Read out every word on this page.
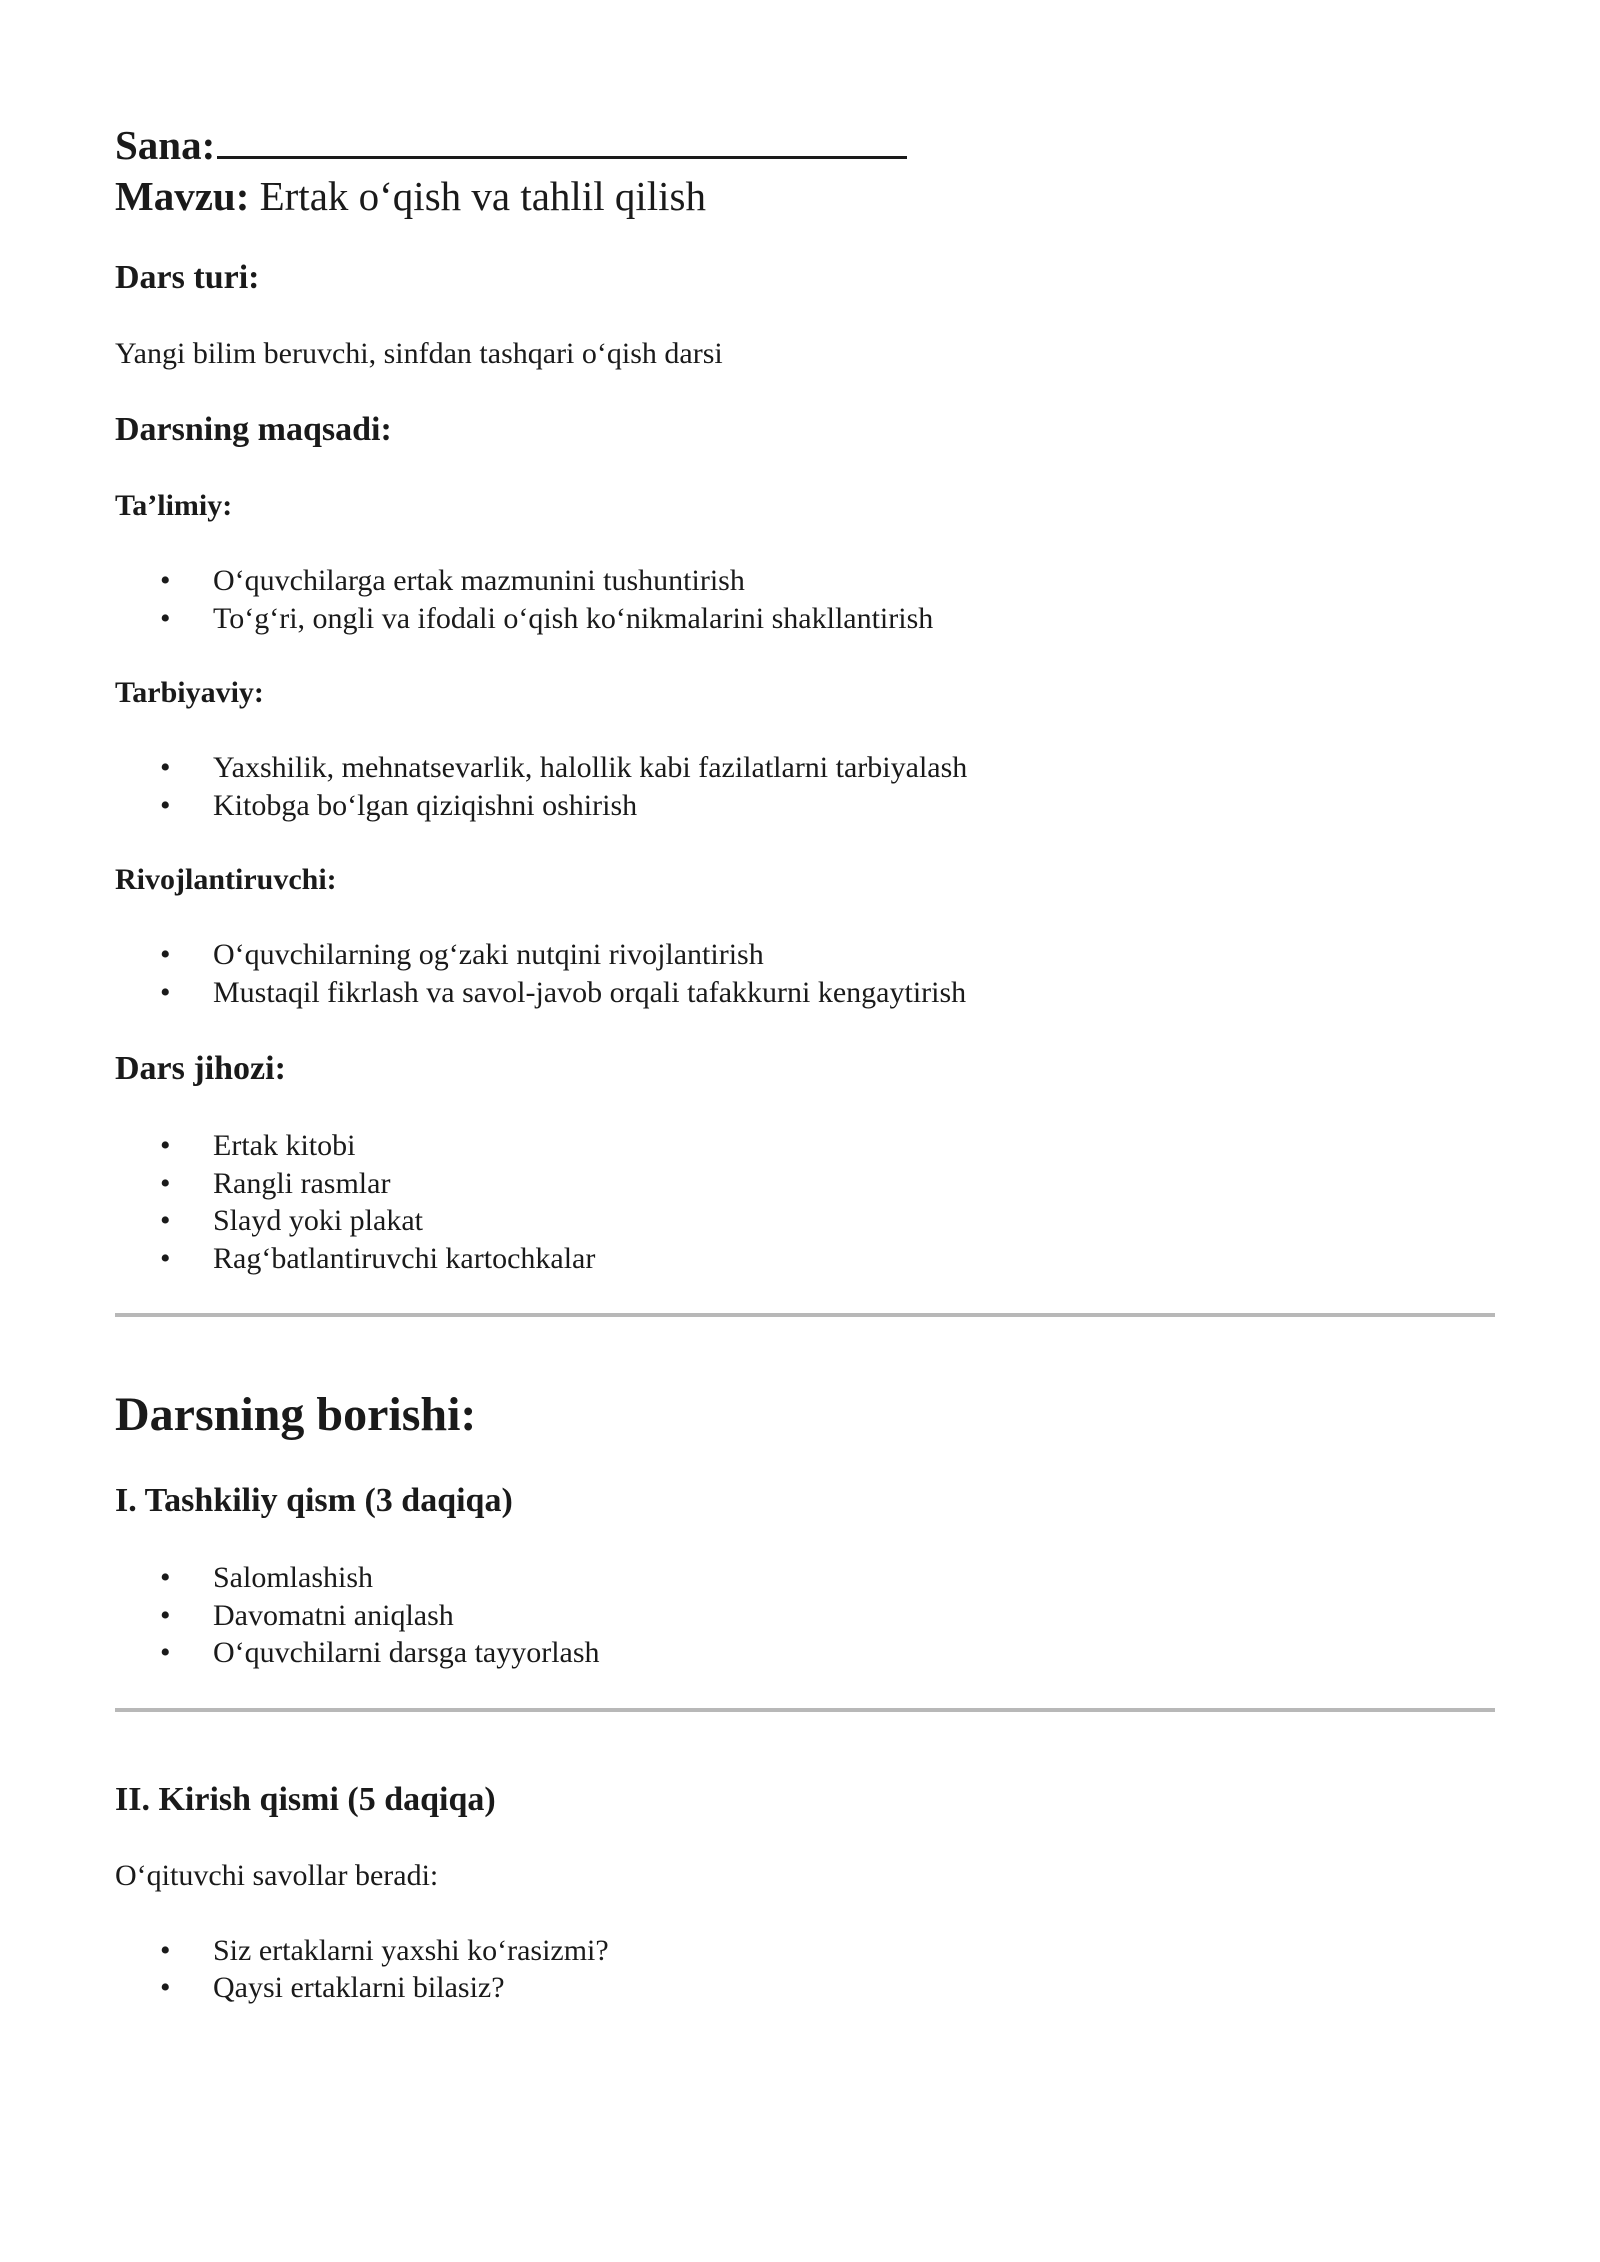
Sana:
Mavzu: Ertak o‘qish va tahlil qilish
Dars turi:
Yangi bilim beruvchi, sinfdan tashqari o‘qish darsi
Darsning maqsadi:
Ta’limiy:
• O‘quvchilarga ertak mazmunini tushuntirish
• To‘g‘ri, ongli va ifodali o‘qish ko‘nikmalarini shakllantirish
Tarbiyaviy:
• Yaxshilik, mehnatsevarlik, halollik kabi fazilatlarni tarbiyalash
• Kitobga bo‘lgan qiziqishni oshirish
Rivojlantiruvchi:
• O‘quvchilarning og‘zaki nutqini rivojlantirish
• Mustaqil fikrlash va savol-javob orqali tafakkurni kengaytirish
Dars jihozi:
• Ertak kitobi
• Rangli rasmlar
• Slayd yoki plakat
• Rag‘batlantiruvchi kartochkalar
Darsning borishi:
I. Tashkiliy qism (3 daqiqa)
• Salomlashish
• Davomatni aniqlash
• O‘quvchilarni darsga tayyorlash
II. Kirish qismi (5 daqiqa)
O‘qituvchi savollar beradi:
• Siz ertaklarni yaxshi ko‘rasizmi?
• Qaysi ertaklarni bilasiz?
